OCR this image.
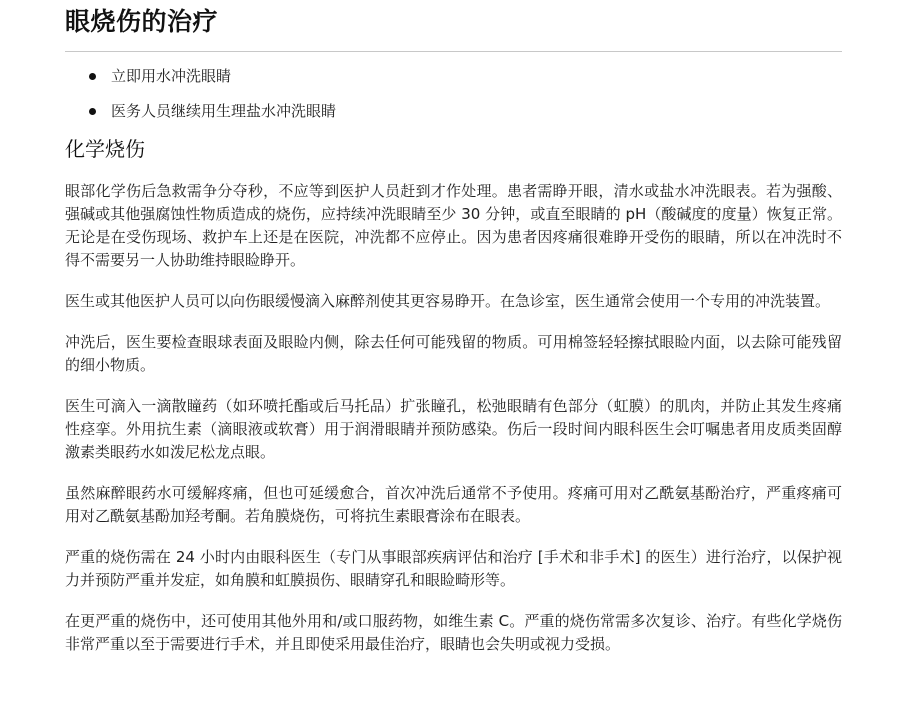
眼烧伤的治疗
立即用水冲洗眼睛
医务人员继续用生理盐水冲洗眼睛
化学烧伤

眼部化学伤后急救需争分夺秒，不应等到医护人员赶到才作处理。患者需睁开眼，清水或盐水冲洗眼表。若为强酸、强碱或其他强腐蚀性物质造成的烧伤，应持续冲洗眼睛至少 30 分钟，或直至眼睛的 pH（酸碱度的度量）恢复正常。无论是在受伤现场、救护车上还是在医院，冲洗都不应停止。因为患者因疼痛很难睁开受伤的眼睛，所以在冲洗时不得不需要另一人协助维持眼睑睁开。

医生或其他医护人员可以向伤眼缓慢滴入麻醉剂使其更容易睁开。在急诊室，医生通常会使用一个专用的冲洗装置。

冲洗后，医生要检查眼球表面及眼睑内侧，除去任何可能残留的物质。可用棉签轻轻擦拭眼睑内面，以去除可能残留的细小物质。

医生可滴入一滴散瞳药（如环喷托酯或后马托品）扩张瞳孔，松弛眼睛有色部分（虹膜）的肌肉，并防止其发生疼痛性痉挛。外用抗生素（滴眼液或软膏）用于润滑眼睛并预防感染。伤后一段时间内眼科医生会叮嘱患者用皮质类固醇激素类眼药水如泼尼松龙点眼。

虽然麻醉眼药水可缓解疼痛，但也可延缓愈合，首次冲洗后通常不予使用。疼痛可用对乙酰氨基酚治疗，严重疼痛可用对乙酰氨基酚加羟考酮。若角膜烧伤，可将抗生素眼膏涂布在眼表。

严重的烧伤需在 24 小时内由眼科医生（专门从事眼部疾病评估和治疗 [手术和非手术] 的医生）进行治疗，以保护视力并预防严重并发症，如角膜和虹膜损伤、眼睛穿孔和眼睑畸形等。

在更严重的烧伤中，还可使用其他外用和/或口服药物，如维生素 C。严重的烧伤常需多次复诊、治疗。有些化学烧伤非常严重以至于需要进行手术，并且即使采用最佳治疗，眼睛也会失明或视力受损。
